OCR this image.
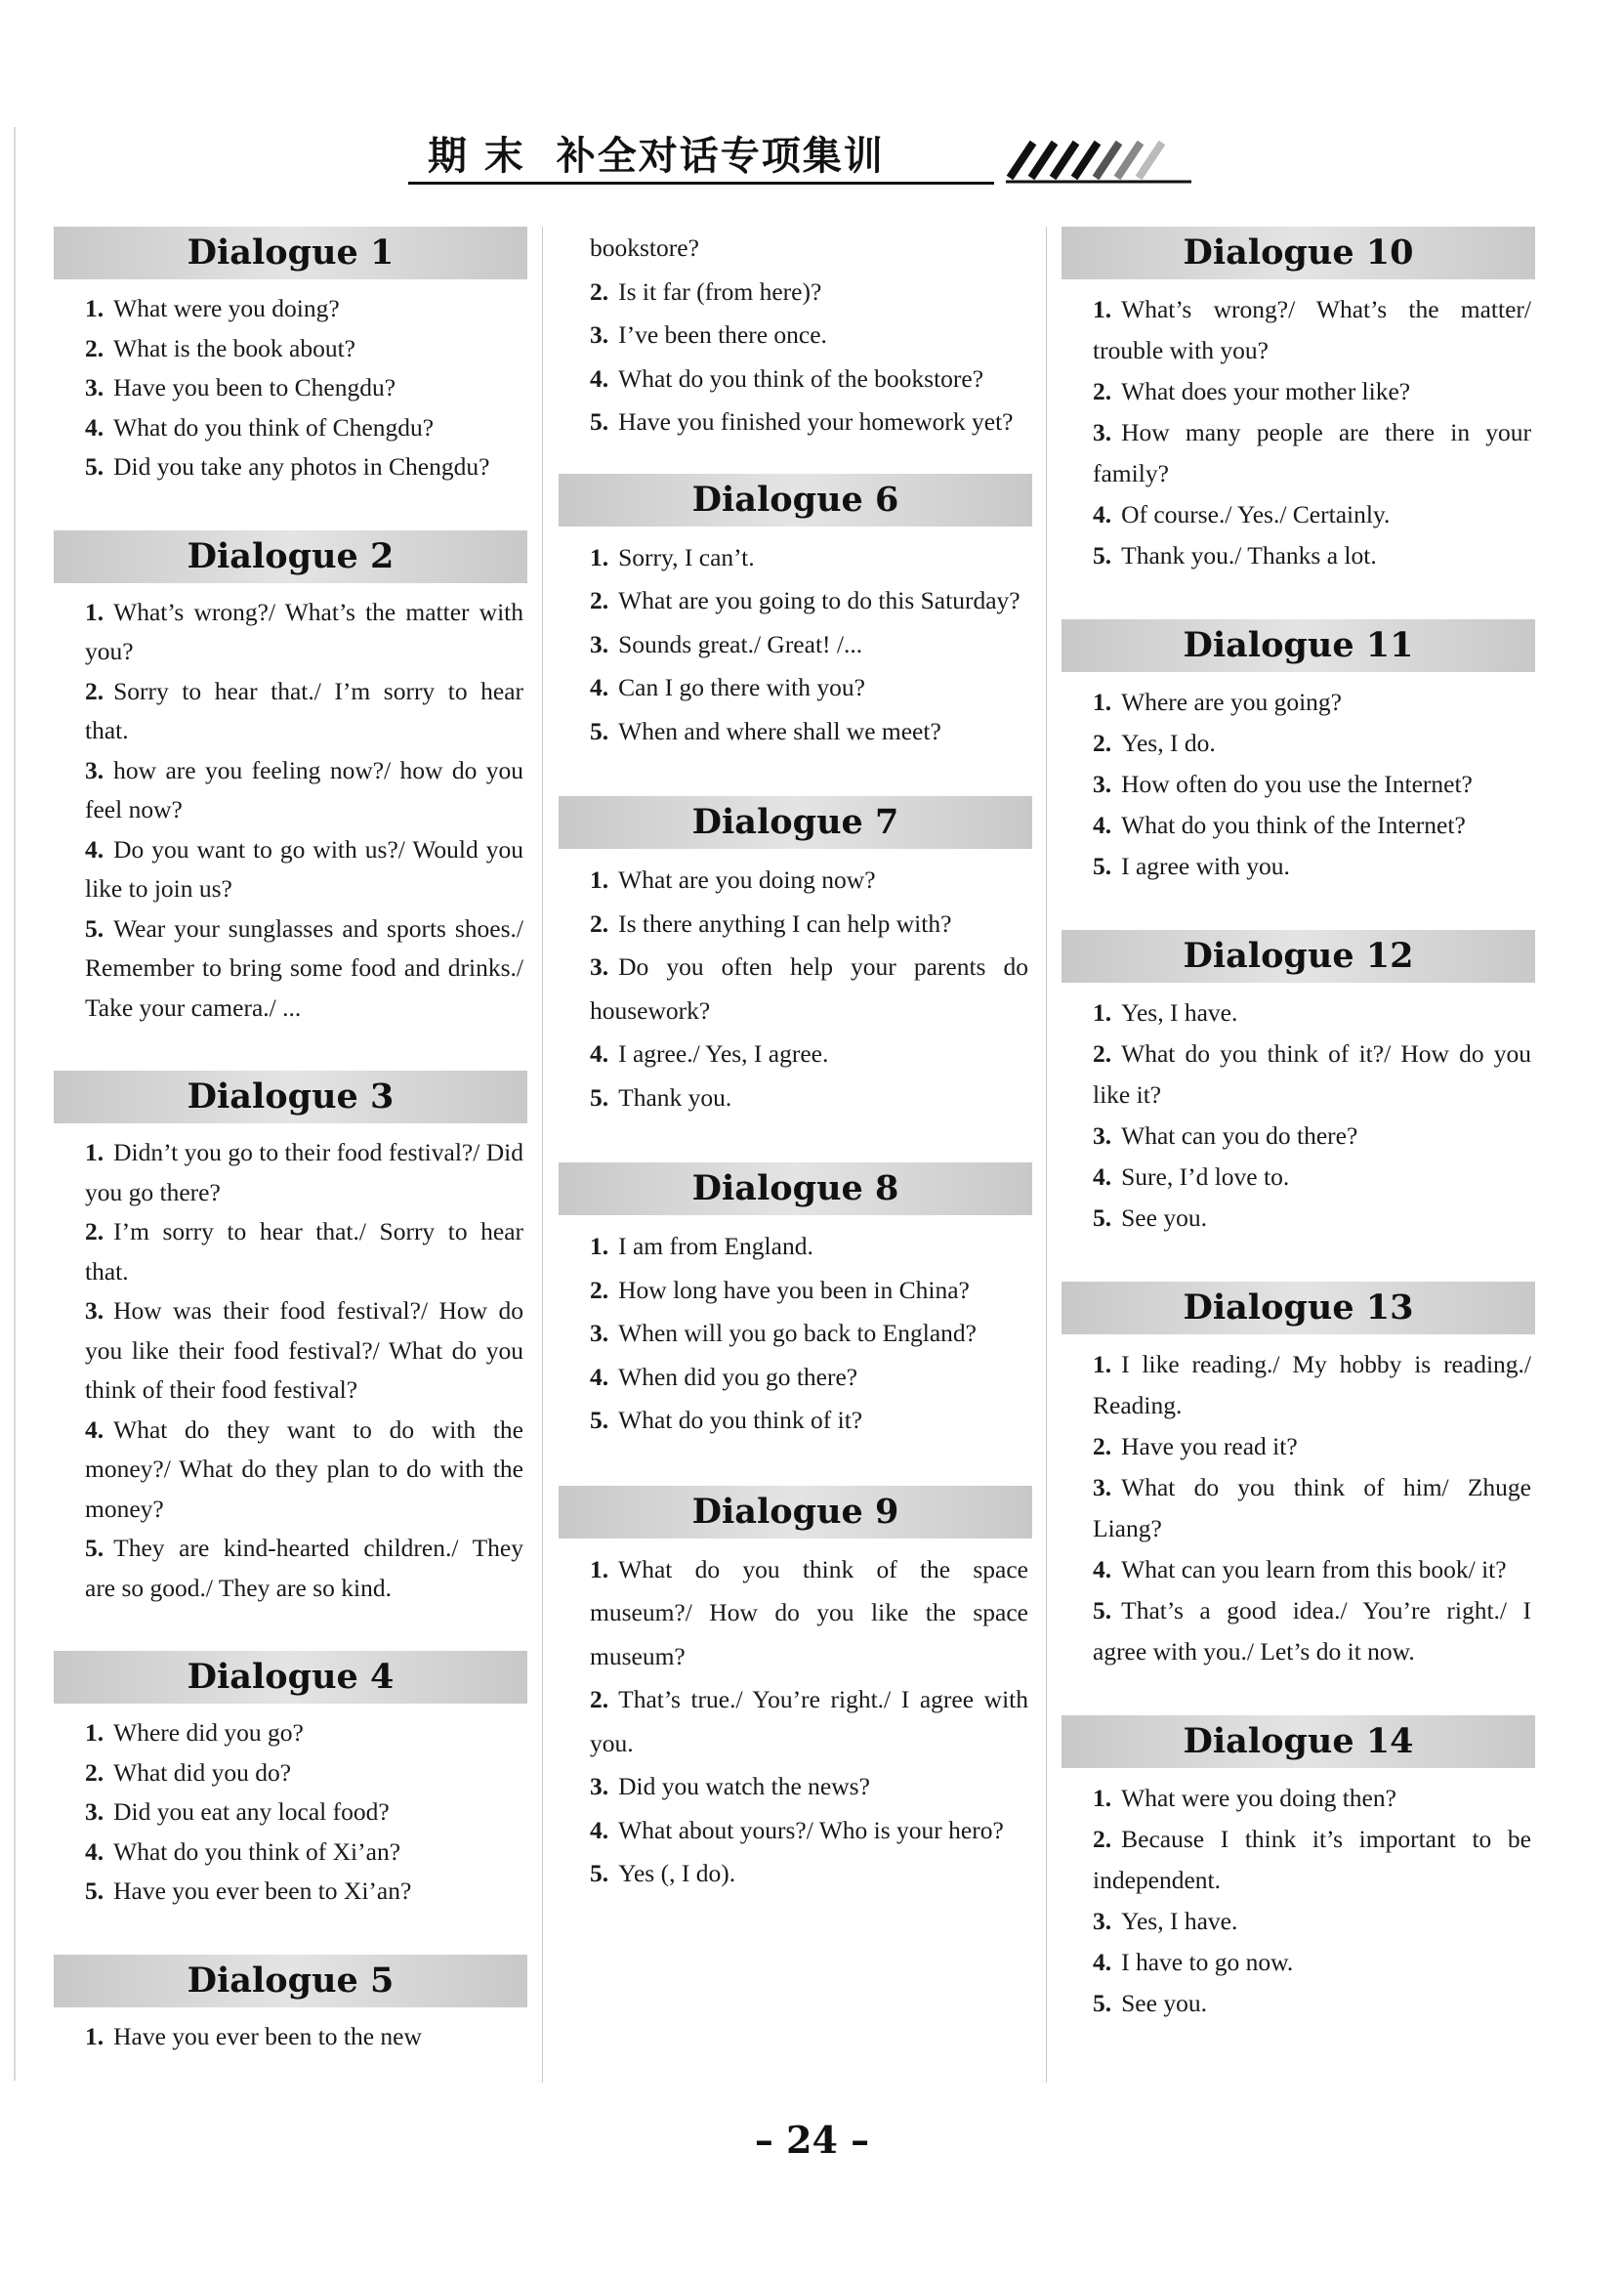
期 末  补全对话专项集训
Dialogue 1
1. What were you doing?
2. What is the book about?
3. Have you been to Chengdu?
4. What do you think of Chengdu?
5. Did you take any photos in Chengdu?
Dialogue 2
1. What’s wrong?/ What’s the matter with you?
2. Sorry to hear that./ I’m sorry to hear that.
3. how are you feeling now?/ how do you feel now?
4. Do you want to go with us?/ Would you like to join us?
5. Wear your sunglasses and sports shoes./ Remember to bring some food and drinks./ Take your camera./ ...
Dialogue 3
1. Didn’t you go to their food festival?/ Did you go there?
2. I’m sorry to hear that./ Sorry to hear that.
3. How was their food festival?/ How do you like their food festival?/ What do you think of their food festival?
4. What do they want to do with the money?/ What do they plan to do with the money?
5. They are kind-hearted children./ They are so good./ They are so kind.
Dialogue 4
1. Where did you go?
2. What did you do?
3. Did you eat any local food?
4. What do you think of Xi’an?
5. Have you ever been to Xi’an?
Dialogue 5
1. Have you ever been to the new
bookstore?
2. Is it far (from here)?
3. I’ve been there once.
4. What do you think of the bookstore?
5. Have you finished your homework yet?
Dialogue 6
1. Sorry, I can’t.
2. What are you going to do this Saturday?
3. Sounds great./ Great! /...
4. Can I go there with you?
5. When and where shall we meet?
Dialogue 7
1. What are you doing now?
2. Is there anything I can help with?
3. Do you often help your parents do housework?
4. I agree./ Yes, I agree.
5. Thank you.
Dialogue 8
1. I am from England.
2. How long have you been in China?
3. When will you go back to England?
4. When did you go there?
5. What do you think of it?
Dialogue 9
1. What do you think of the space museum?/ How do you like the space museum?
2. That’s true./ You’re right./ I agree with you.
3. Did you watch the news?
4. What about yours?/ Who is your hero?
5. Yes (, I do).
Dialogue 10
1. What’s wrong?/ What’s the matter/ trouble with you?
2. What does your mother like?
3. How many people are there in your family?
4. Of course./ Yes./ Certainly.
5. Thank you./ Thanks a lot.
Dialogue 11
1. Where are you going?
2. Yes, I do.
3. How often do you use the Internet?
4. What do you think of the Internet?
5. I agree with you.
Dialogue 12
1. Yes, I have.
2. What do you think of it?/ How do you like it?
3. What can you do there?
4. Sure, I’d love to.
5. See you.
Dialogue 13
1. I like reading./ My hobby is reading./ Reading.
2. Have you read it?
3. What do you think of him/ Zhuge Liang?
4. What can you learn from this book/ it?
5. That’s a good idea./ You’re right./ I agree with you./ Let’s do it now.
Dialogue 14
1. What were you doing then?
2. Because I think it’s important to be independent.
3. Yes, I have.
4. I have to go now.
5. See you.
– 24 –
